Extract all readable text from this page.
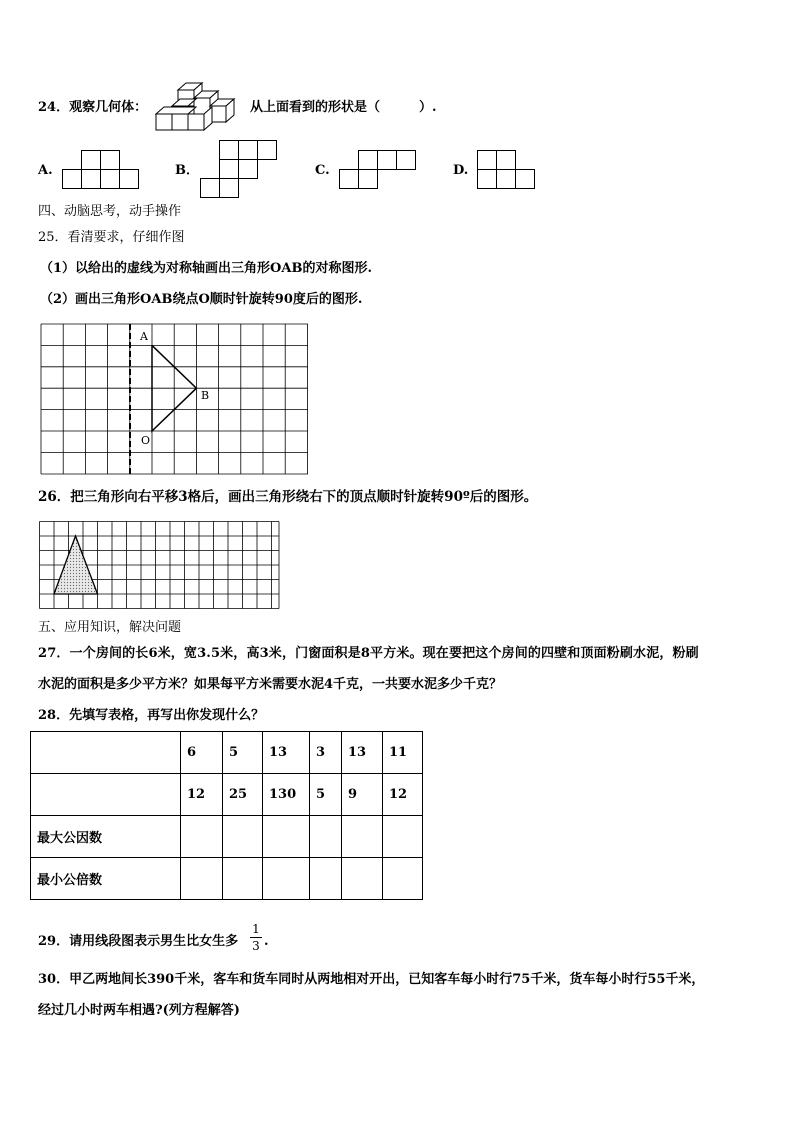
24．观察几何体：	从上面看到的形状是（　　　）.
A.	B．	C.	D.
四、动脑思考，动手操作
25．看清要求，仔细作图
（1）以给出的虚线为对称轴画出三角形OAB的对称图形.
（2）画出三角形OAB绕点O顺时针旋转90度后的图形.
A
B
O
26．把三角形向右平移3格后，画出三角形绕右下的顶点顺时针旋转90º后的图形。
五、应用知识，解决问题
27．一个房间的长6米，宽3.5米，高3米，门窗面积是8平方米。现在要把这个房间的四壁和顶面粉刷水泥，粉刷
水泥的面积是多少平方米？如果每平方米需要水泥4千克，一共要水泥多少千克？
28．先填写表格，再写出你发现什么？
	6	5	13	3	13	11
	12	25	130	5	9	12
最大公因数						
最小公倍数						
29．请用线段图表示男生比女生多
1
3 .
30．甲乙两地间长390千米，客车和货车同时从两地相对开出，已知客车每小时行75千米，货车每小时行55千米，
经过几小时两车相遇?(列方程解答)
